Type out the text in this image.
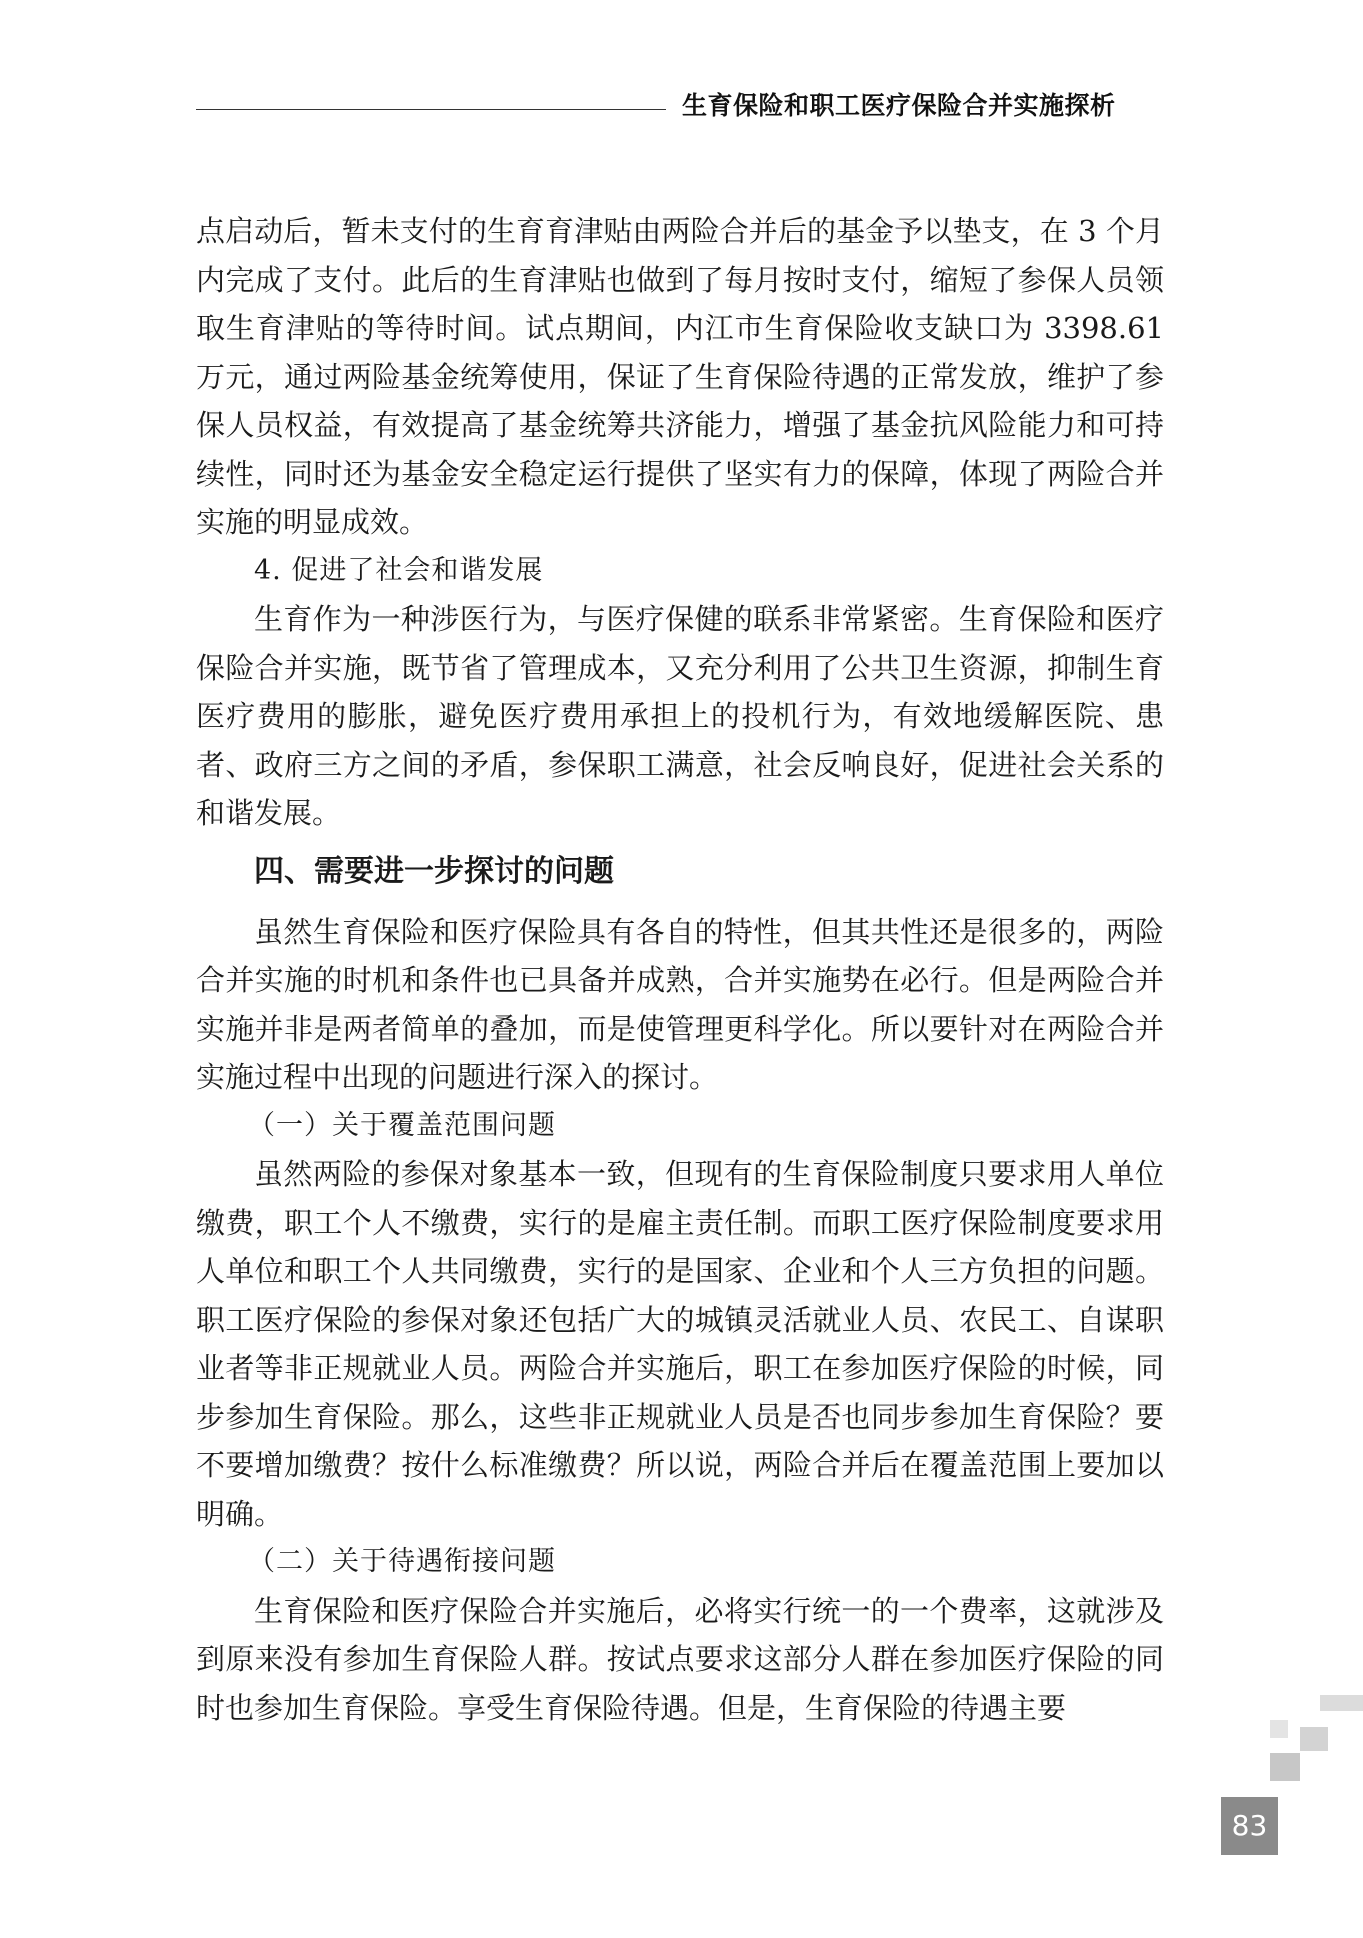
生育保险和职工医疗保险合并实施探析

点启动后，暂未支付的生育育津贴由两险合并后的基金予以垫支，在 3 个月内完成了支付。此后的生育津贴也做到了每月按时支付，缩短了参保人员领取生育津贴的等待时间。试点期间，内江市生育保险收支缺口为 3398.61 万元，通过两险基金统筹使用，保证了生育保险待遇的正常发放，维护了参保人员权益，有效提高了基金统筹共济能力，增强了基金抗风险能力和可持续性，同时还为基金安全稳定运行提供了坚实有力的保障，体现了两险合并实施的明显成效。

4. 促进了社会和谐发展

生育作为一种涉医行为，与医疗保健的联系非常紧密。生育保险和医疗保险合并实施，既节省了管理成本，又充分利用了公共卫生资源，抑制生育医疗费用的膨胀，避免医疗费用承担上的投机行为，有效地缓解医院、患者、政府三方之间的矛盾，参保职工满意，社会反响良好，促进社会关系的和谐发展。

四、需要进一步探讨的问题

虽然生育保险和医疗保险具有各自的特性，但其共性还是很多的，两险合并实施的时机和条件也已具备并成熟，合并实施势在必行。但是两险合并实施并非是两者简单的叠加，而是使管理更科学化。所以要针对在两险合并实施过程中出现的问题进行深入的探讨。

（一）关于覆盖范围问题

虽然两险的参保对象基本一致，但现有的生育保险制度只要求用人单位缴费，职工个人不缴费，实行的是雇主责任制。而职工医疗保险制度要求用人单位和职工个人共同缴费，实行的是国家、企业和个人三方负担的问题。职工医疗保险的参保对象还包括广大的城镇灵活就业人员、农民工、自谋职业者等非正规就业人员。两险合并实施后，职工在参加医疗保险的时候，同步参加生育保险。那么，这些非正规就业人员是否也同步参加生育保险？要不要增加缴费？按什么标准缴费？所以说，两险合并后在覆盖范围上要加以明确。

（二）关于待遇衔接问题

生育保险和医疗保险合并实施后，必将实行统一的一个费率，这就涉及到原来没有参加生育保险人群。按试点要求这部分人群在参加医疗保险的同时也参加生育保险。享受生育保险待遇。但是，生育保险的待遇主要

83
